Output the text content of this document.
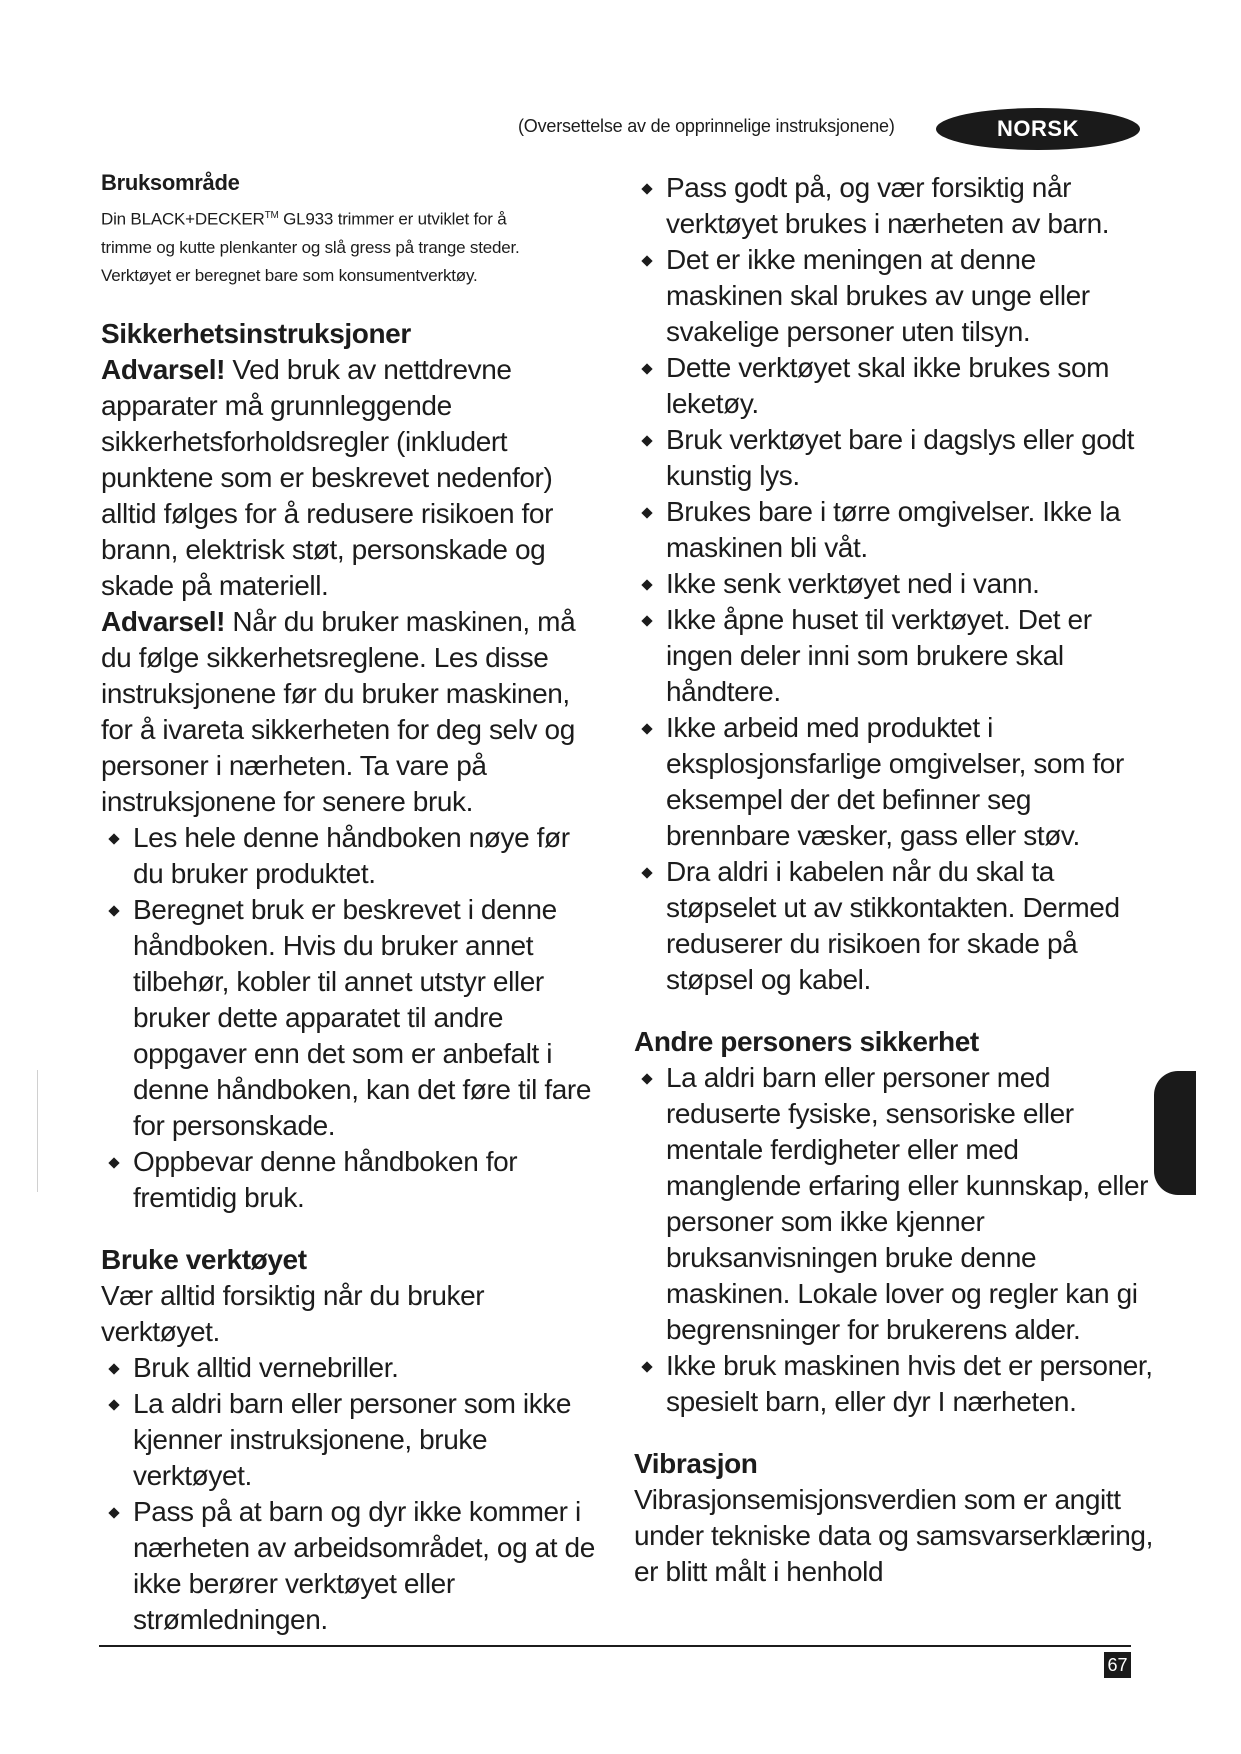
(Oversettelse av de opprinnelige instruksjonene)	NORSK

Bruksområde

Din BLACK+DECKER™ GL933 trimmer er utviklet for å
trimme og kutte plenkanter og slå gress på trange steder.
Verktøyet er beregnet bare som konsumentverktøy.

Sikkerhetsinstruksjoner

Advarsel! Ved bruk av nettdrevne apparater må grunnleggende sikkerhetsforholdsregler (inkludert punktene som er beskrevet nedenfor) alltid følges for å redusere risikoen for brann, elektrisk støt, personskade og skade på materiell.

Advarsel! Når du bruker maskinen, må du følge sikkerhetsreglene. Les disse instruksjonene før du bruker maskinen, for å ivareta sikkerheten for deg selv og personer i nærheten. Ta vare på instruksjonene for senere bruk.

Les hele denne håndboken nøye før du bruker produktet.
Beregnet bruk er beskrevet i denne håndboken. Hvis du bruker annet tilbehør, kobler til annet utstyr eller bruker dette apparatet til andre oppgaver enn det som er anbefalt i denne håndboken, kan det føre til fare for personskade.
Oppbevar denne håndboken for fremtidig bruk.

Bruke verktøyet

Vær alltid forsiktig når du bruker verktøyet.

Bruk alltid vernebriller.
La aldri barn eller personer som ikke kjenner instruksjonene, bruke verktøyet.
Pass på at barn og dyr ikke kommer i nærheten av arbeidsområdet, og at de ikke berører verktøyet eller strømledningen.
Pass godt på, og vær forsiktig når verktøyet brukes i nærheten av barn.
Det er ikke meningen at denne maskinen skal brukes av unge eller svakelige personer uten tilsyn.
Dette verktøyet skal ikke brukes som leketøy.
Bruk verktøyet bare i dagslys eller godt kunstig lys.
Brukes bare i tørre omgivelser. Ikke la maskinen bli våt.
Ikke senk verktøyet ned i vann.
Ikke åpne huset til verktøyet. Det er ingen deler inni som brukere skal håndtere.
Ikke arbeid med produktet i eksplosjonsfarlige omgivelser, som for eksempel der det befinner seg brennbare væsker, gass eller støv.
Dra aldri i kabelen når du skal ta støpselet ut av stikkontakten. Dermed reduserer du risikoen for skade på støpsel og kabel.

Andre personers sikkerhet

La aldri barn eller personer med reduserte fysiske, sensoriske eller mentale ferdigheter eller med manglende erfaring eller kunnskap, eller personer som ikke kjenner bruksanvisningen bruke denne maskinen. Lokale lover og regler kan gi begrensninger for brukerens alder.
Ikke bruk maskinen hvis det er personer, spesielt barn, eller dyr I nærheten.

Vibrasjon

Vibrasjonsemisjonsverdien som er angitt under tekniske data og samsvarserklæring, er blitt målt i henhold

67
